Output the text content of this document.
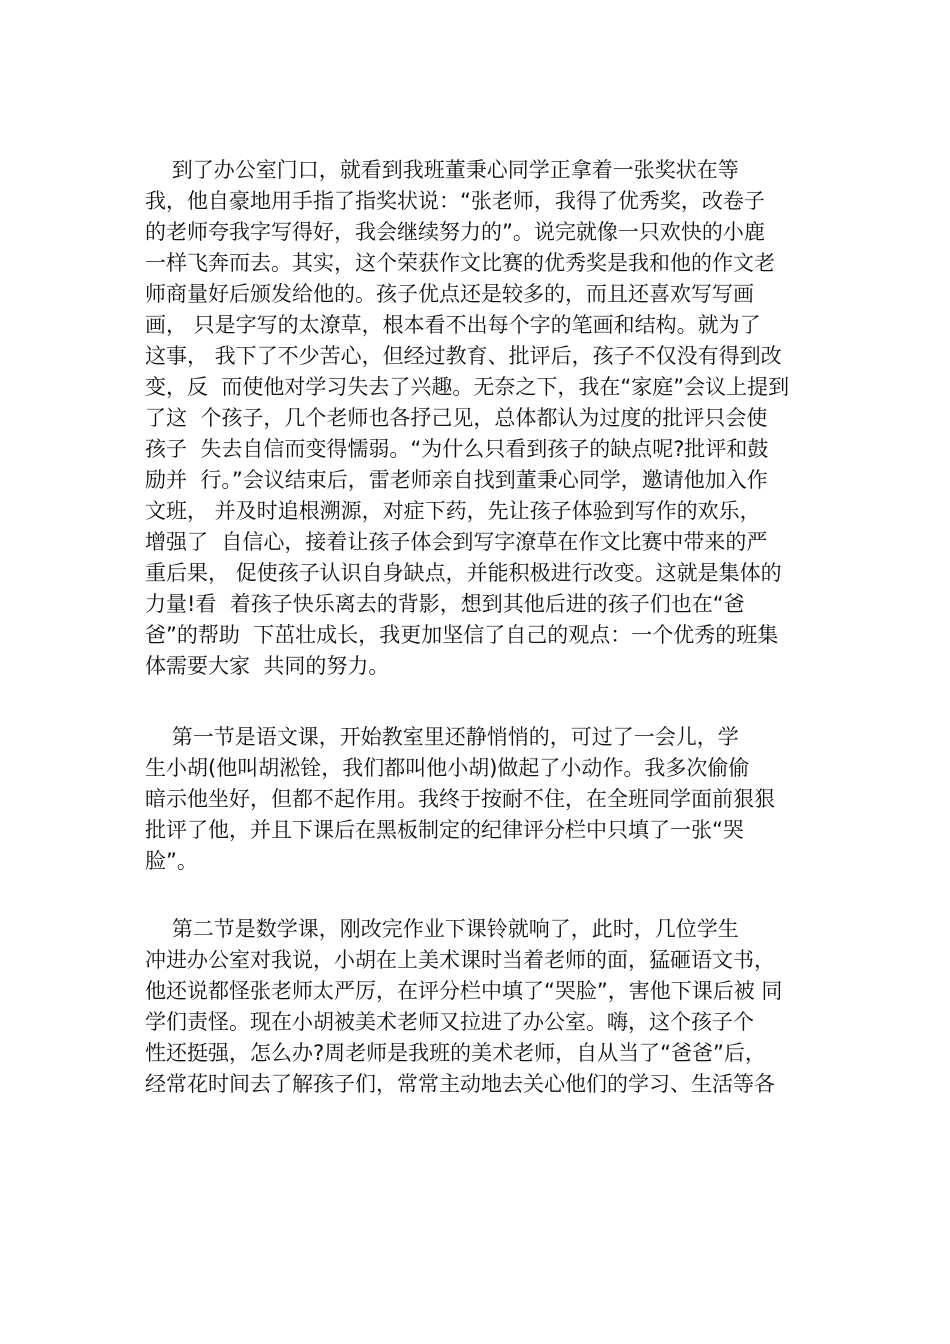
到了办公室门口，就看到我班董秉心同学正拿着一张奖状在等
我，他自豪地用手指了指奖状说：“张老师，我得了优秀奖，改卷子
的老师夸我字写得好，我会继续努力的”。说完就像一只欢快的小鹿
一样飞奔而去。其实，这个荣获作文比赛的优秀奖是我和他的作文老
师商量好后颁发给他的。孩子优点还是较多的，而且还喜欢写写画
画， 只是字写的太潦草，根本看不出每个字的笔画和结构。就为了
这事， 我下了不少苦心，但经过教育、批评后，孩子不仅没有得到改
变，反  而使他对学习失去了兴趣。无奈之下，我在“家庭”会议上提到
了这  个孩子，几个老师也各抒己见，总体都认为过度的批评只会使
孩子  失去自信而变得懦弱。“为什么只看到孩子的缺点呢?批评和鼓
励并  行。”会议结束后，雷老师亲自找到董秉心同学，邀请他加入作
文班， 并及时追根溯源，对症下药，先让孩子体验到写作的欢乐，
增强了  自信心，接着让孩子体会到写字潦草在作文比赛中带来的严
重后果， 促使孩子认识自身缺点，并能积极进行改变。这就是集体的
力量!看  着孩子快乐离去的背影，想到其他后进的孩子们也在“爸
爸”的帮助  下茁壮成长，我更加坚信了自己的观点：一个优秀的班集
体需要大家  共同的努力。
第一节是语文课，开始教室里还静悄悄的，可过了一会儿，学
生小胡(他叫胡淞铨，我们都叫他小胡)做起了小动作。我多次偷偷
暗示他坐好，但都不起作用。我终于按耐不住，在全班同学面前狠狠
批评了他，并且下课后在黑板制定的纪律评分栏中只填了一张“哭
脸”。
第二节是数学课，刚改完作业下课铃就响了，此时，几位学生
冲进办公室对我说，小胡在上美术课时当着老师的面，猛砸语文书，
他还说都怪张老师太严厉，在评分栏中填了“哭脸”，害他下课后被 同
学们责怪。现在小胡被美术老师又拉进了办公室。嗨，这个孩子个
性还挺强，怎么办?周老师是我班的美术老师，自从当了“爸爸”后，
经常花时间去了解孩子们，常常主动地去关心他们的学习、生活等各
